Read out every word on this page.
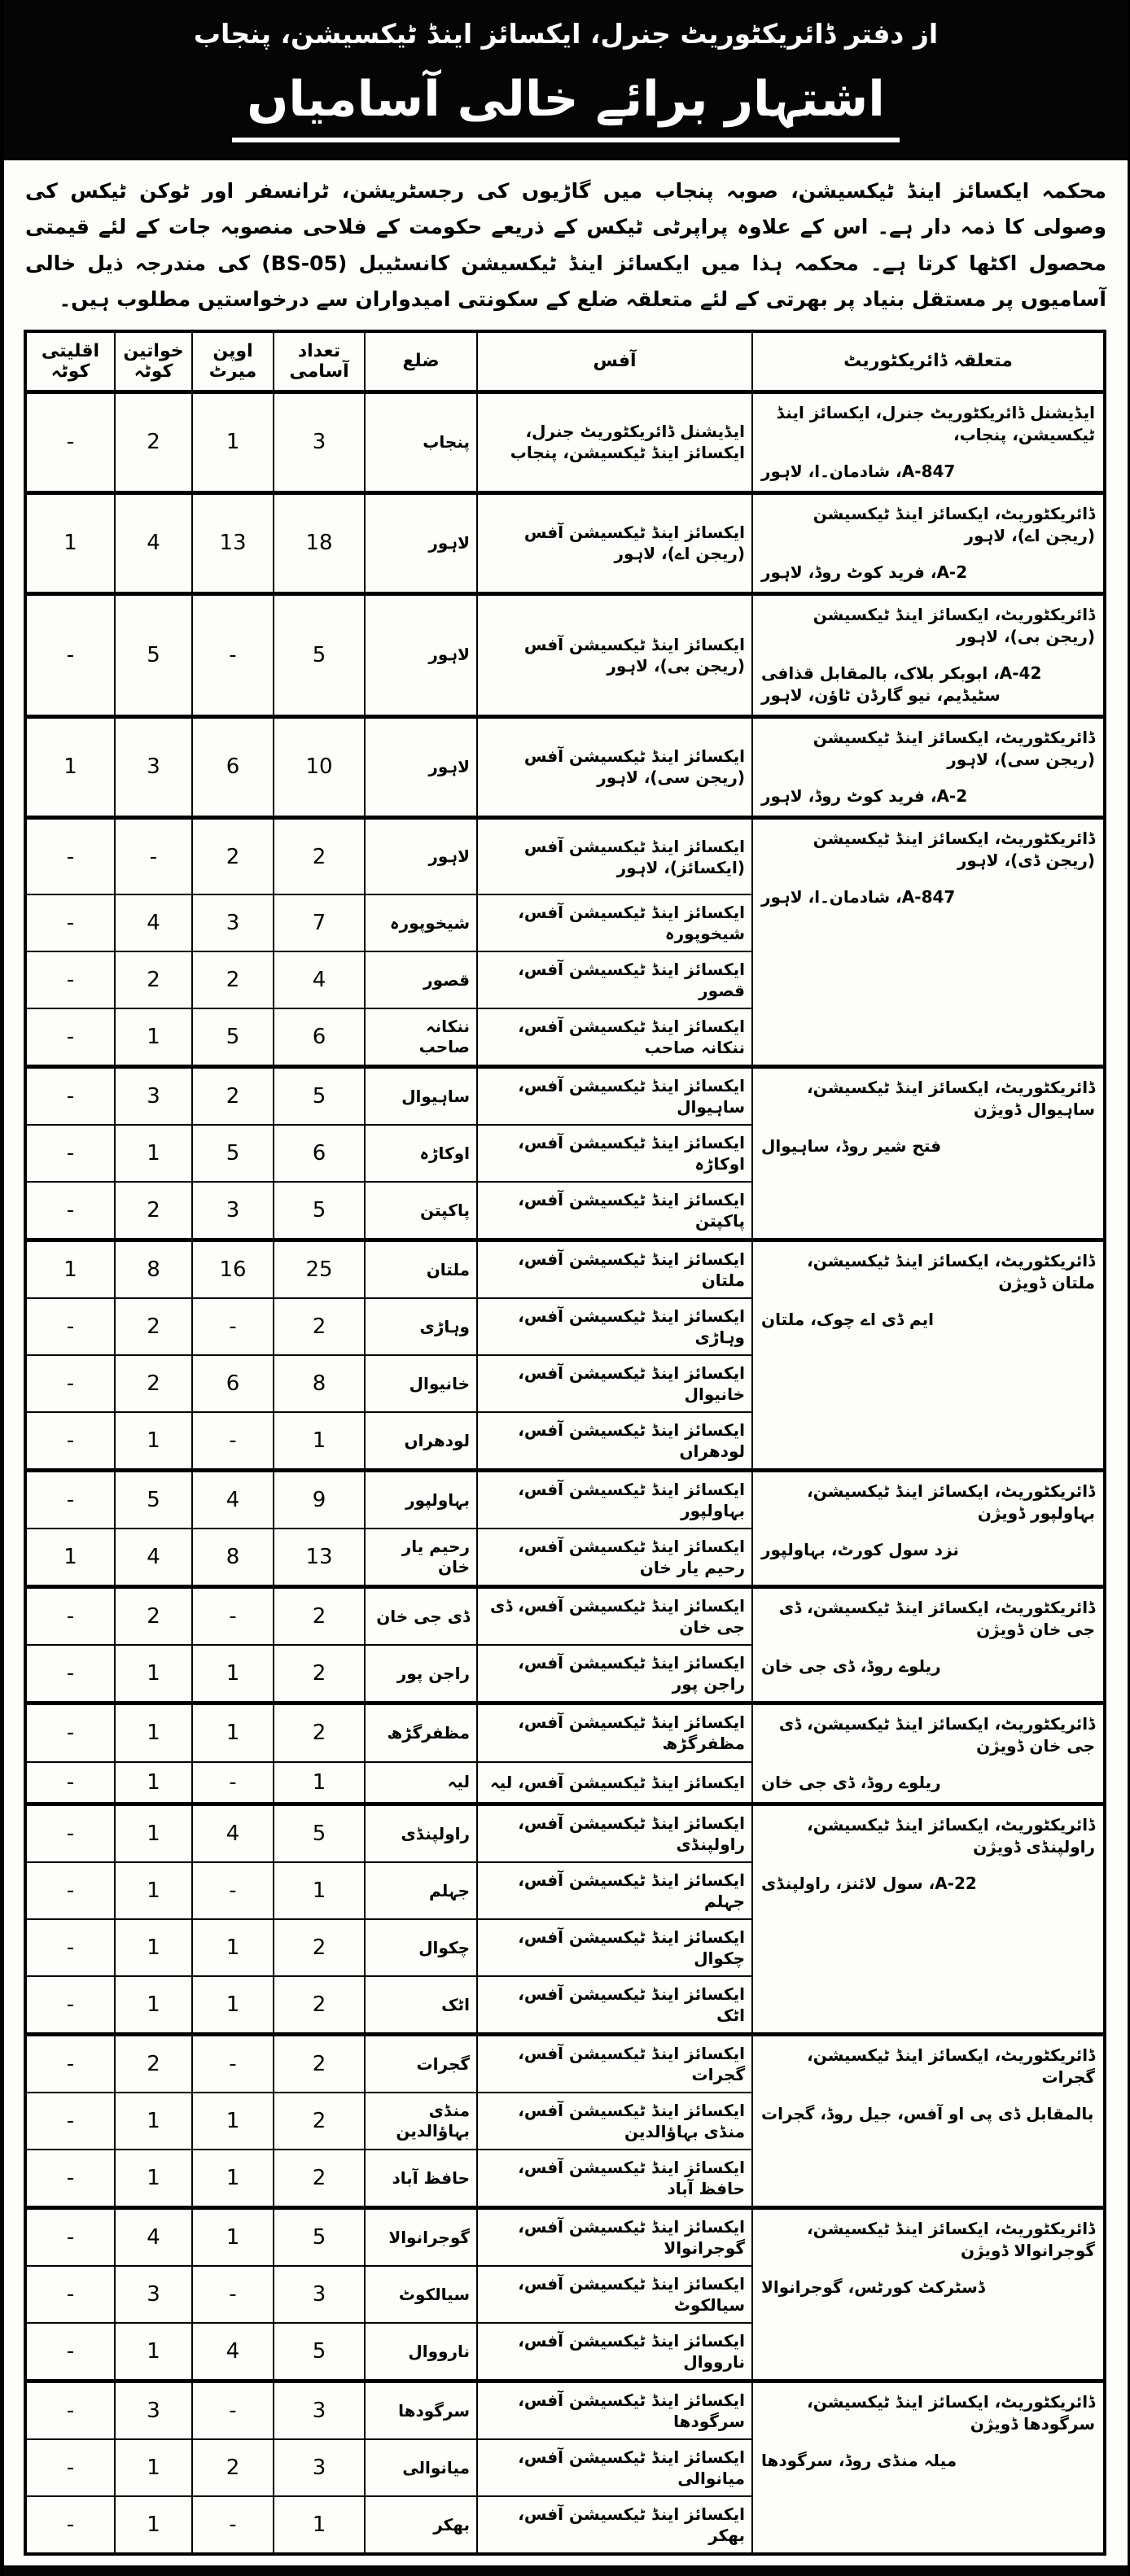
از دفتر ڈائریکٹوریٹ جنرل، ایکسائز اینڈ ٹیکسیشن، پنجاب
اشتہار برائے خالی آسامیاں
محکمہ ایکسائز اینڈ ٹیکسیشن، صوبہ پنجاب میں گاڑیوں کی رجسٹریشن، ٹرانسفر اور ٹوکن ٹیکس کی وصولی کا ذمہ دار ہے۔ اس کے علاوہ پراپرٹی ٹیکس کے ذریعے حکومت کے فلاحی منصوبہ جات کے لئے قیمتی محصول اکٹھا کرتا ہے۔ محکمہ ہذا میں ایکسائز اینڈ ٹیکسیشن کانسٹیبل (BS-05) کی مندرجہ ذیل خالی آسامیوں پر مستقل بنیاد پر بھرتی کے لئے متعلقہ ضلع کے سکونتی امیدواران سے درخواستیں مطلوب ہیں۔
متعلقہ ڈائریکٹوریٹ	آفس	ضلع	تعداد آسامی	اوپن میرٹ	خواتین کوٹہ	اقلیتی کوٹہ

ایڈیشنل ڈائریکٹوریٹ جنرل، ایکسائز اینڈ ٹیکسیشن، پنجاب،
847-A، شادمان۔ا، لاہور	ایڈیشنل ڈائریکٹوریٹ جنرل، ایکسائز اینڈ ٹیکسیشن، پنجاب	پنجاب	3	1	2	-

ڈائریکٹوریٹ، ایکسائز اینڈ ٹیکسیشن (ریجن اے)، لاہور
2-A، فرید کوٹ روڈ، لاہور	ایکسائز اینڈ ٹیکسیشن آفس (ریجن اے)، لاہور	لاہور	18	13	4	1

ڈائریکٹوریٹ، ایکسائز اینڈ ٹیکسیشن (ریجن بی)، لاہور
42-A، ابوبکر بلاک، بالمقابل قذافی سٹیڈیم، نیو گارڈن ٹاؤن، لاہور	ایکسائز اینڈ ٹیکسیشن آفس (ریجن بی)، لاہور	لاہور	5	-	5	-

ڈائریکٹوریٹ، ایکسائز اینڈ ٹیکسیشن (ریجن سی)، لاہور
2-A، فرید کوٹ روڈ، لاہور	ایکسائز اینڈ ٹیکسیشن آفس (ریجن سی)، لاہور	لاہور	10	6	3	1

ڈائریکٹوریٹ، ایکسائز اینڈ ٹیکسیشن (ریجن ڈی)، لاہور
847-A، شادمان۔ا، لاہور	ایکسائز اینڈ ٹیکسیشن آفس (ایکسائز)، لاہور	لاہور	2	2	-	-
	ایکسائز اینڈ ٹیکسیشن آفس، شیخوپورہ	شیخوپورہ	7	3	4	-
	ایکسائز اینڈ ٹیکسیشن آفس، قصور	قصور	4	2	2	-
	ایکسائز اینڈ ٹیکسیشن آفس، ننکانہ صاحب	ننکانہ صاحب	6	5	1	-

ڈائریکٹوریٹ، ایکسائز اینڈ ٹیکسیشن، ساہیوال ڈویژن
فتح شیر روڈ، ساہیوال	ایکسائز اینڈ ٹیکسیشن آفس، ساہیوال	ساہیوال	5	2	3	-
	ایکسائز اینڈ ٹیکسیشن آفس، اوکاڑہ	اوکاڑہ	6	5	1	-
	ایکسائز اینڈ ٹیکسیشن آفس، پاکپتن	پاکپتن	5	3	2	-

ڈائریکٹوریٹ، ایکسائز اینڈ ٹیکسیشن، ملتان ڈویژن
ایم ڈی اے چوک، ملتان	ایکسائز اینڈ ٹیکسیشن آفس، ملتان	ملتان	25	16	8	1
	ایکسائز اینڈ ٹیکسیشن آفس، وہاڑی	وہاڑی	2	-	2	-
	ایکسائز اینڈ ٹیکسیشن آفس، خانیوال	خانیوال	8	6	2	-
	ایکسائز اینڈ ٹیکسیشن آفس، لودھراں	لودھراں	1	-	1	-

ڈائریکٹوریٹ، ایکسائز اینڈ ٹیکسیشن، بہاولپور ڈویژن
نزد سول کورٹ، بہاولپور	ایکسائز اینڈ ٹیکسیشن آفس، بہاولپور	بہاولپور	9	4	5	-
	ایکسائز اینڈ ٹیکسیشن آفس، رحیم یار خان	رحیم یار خان	13	8	4	1

ڈائریکٹوریٹ، ایکسائز اینڈ ٹیکسیشن، ڈی جی خان ڈویژن
ریلوے روڈ، ڈی جی خان	ایکسائز اینڈ ٹیکسیشن آفس، ڈی جی خان	ڈی جی خان	2	-	2	-
	ایکسائز اینڈ ٹیکسیشن آفس، راجن پور	راجن پور	2	1	1	-

ڈائریکٹوریٹ، ایکسائز اینڈ ٹیکسیشن، ڈی جی خان ڈویژن
ریلوے روڈ، ڈی جی خان	ایکسائز اینڈ ٹیکسیشن آفس، مظفرگڑھ	مظفرگڑھ	2	1	1	-
	ایکسائز اینڈ ٹیکسیشن آفس، لیہ	لیہ	1	-	1	-

ڈائریکٹوریٹ، ایکسائز اینڈ ٹیکسیشن، راولپنڈی ڈویژن
22-A، سول لائنز، راولپنڈی	ایکسائز اینڈ ٹیکسیشن آفس، راولپنڈی	راولپنڈی	5	4	1	-
	ایکسائز اینڈ ٹیکسیشن آفس، جہلم	جہلم	1	-	1	-
	ایکسائز اینڈ ٹیکسیشن آفس، چکوال	چکوال	2	1	1	-
	ایکسائز اینڈ ٹیکسیشن آفس، اٹک	اٹک	2	1	1	-

ڈائریکٹوریٹ، ایکسائز اینڈ ٹیکسیشن، گجرات
بالمقابل ڈی پی او آفس، جیل روڈ، گجرات	ایکسائز اینڈ ٹیکسیشن آفس، گجرات	گجرات	2	-	2	-
	ایکسائز اینڈ ٹیکسیشن آفس، منڈی بہاؤالدین	منڈی بہاؤالدین	2	1	1	-
	ایکسائز اینڈ ٹیکسیشن آفس، حافظ آباد	حافظ آباد	2	1	1	-

ڈائریکٹوریٹ، ایکسائز اینڈ ٹیکسیشن، گوجرانوالا ڈویژن
ڈسٹرکٹ کورٹس، گوجرانوالا	ایکسائز اینڈ ٹیکسیشن آفس، گوجرانوالا	گوجرانوالا	5	1	4	-
	ایکسائز اینڈ ٹیکسیشن آفس، سیالکوٹ	سیالکوٹ	3	-	3	-
	ایکسائز اینڈ ٹیکسیشن آفس، نارووال	نارووال	5	4	1	-

ڈائریکٹوریٹ، ایکسائز اینڈ ٹیکسیشن، سرگودھا ڈویژن
میلہ منڈی روڈ، سرگودھا	ایکسائز اینڈ ٹیکسیشن آفس، سرگودھا	سرگودھا	3	-	3	-
	ایکسائز اینڈ ٹیکسیشن آفس، میانوالی	میانوالی	3	2	1	-
	ایکسائز اینڈ ٹیکسیشن آفس، بھکر	بھکر	1	-	1	-
